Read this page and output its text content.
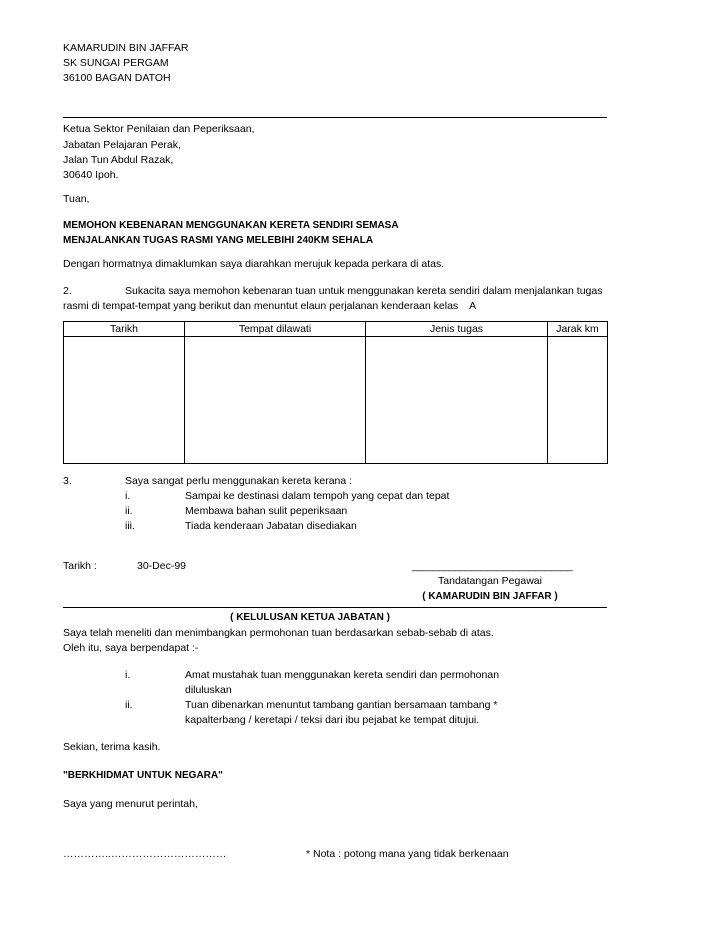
KAMARUDIN BIN JAFFAR
SK SUNGAI PERGAM
36100 BAGAN DATOH
Ketua Sektor Penilaian dan Peperiksaan,
Jabatan Pelajaran Perak,
Jalan Tun Abdul Razak,
30640 Ipoh.
Tuan,
MEMOHON KEBENARAN MENGGUNAKAN KERETA SENDIRI SEMASA
MENJALANKAN TUGAS RASMI YANG MELEBIHI 240KM SEHALA
Dengan hormatnya dimaklumkan saya diarahkan merujuk kepada perkara di atas.
2.	Sukacita saya memohon kebenaran tuan untuk menggunakan kereta sendiri dalam menjalankan tugas
rasmi di tempat-tempat yang berikut dan menuntut elaun perjalanan kenderaan kelas A
Tarikh	Tempat dilawati	Jenis tugas	Jarak km

3.	Saya sangat perlu menggunakan kereta kerana :
i.	Sampai ke destinasi dalam tempoh yang cepat dan tepat
ii.	Membawa bahan sulit peperiksaan
iii.	Tiada kenderaan Jabatan disediakan
Tarikh :	30-Dec-99	______________________________
Tandatangan Pegawai
( KAMARUDIN BIN JAFFAR )
( KELULUSAN KETUA JABATAN )
Saya telah meneliti dan menimbangkan permohonan tuan berdasarkan sebab-sebab di atas.
Oleh itu, saya berpendapat :-
i.	Amat mustahak tuan menggunakan kereta sendiri dan permohonan
diluluskan
ii.	Tuan dibenarkan menuntut tambang gantian bersamaan tambang *
kapalterbang / keretapi / teksi dari ibu pejabat ke tempat ditujui.
Sekian, terima kasih.
"BERKHIDMAT UNTUK NEGARA"
Saya yang menurut perintah,
…………..……………………………	* Nota : potong mana yang tidak berkenaan
